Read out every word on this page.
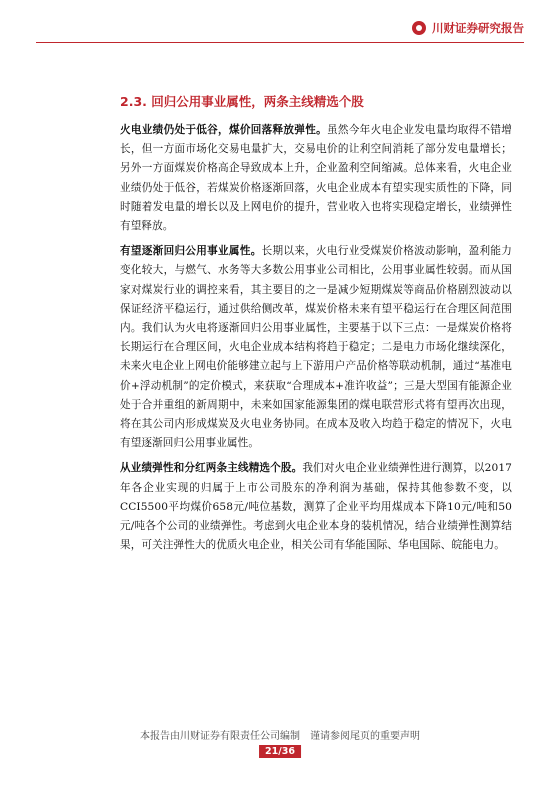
川财证券研究报告
2.3. 回归公用事业属性，两条主线精选个股

火电业绩仍处于低谷，煤价回落释放弹性。虽然今年火电企业发电量均取得不错增长，但一方面市场化交易电量扩大，交易电价的让利空间消耗了部分发电量增长；另外一方面煤炭价格高企导致成本上升，企业盈利空间缩减。总体来看，火电企业业绩仍处于低谷，若煤炭价格逐渐回落，火电企业成本有望实现实质性的下降，同时随着发电量的增长以及上网电价的提升，营业收入也将实现稳定增长，业绩弹性有望释放。

有望逐渐回归公用事业属性。长期以来，火电行业受煤炭价格波动影响，盈利能力变化较大，与燃气、水务等大多数公用事业公司相比，公用事业属性较弱。而从国家对煤炭行业的调控来看，其主要目的之一是减少短期煤炭等商品价格剧烈波动以保证经济平稳运行，通过供给侧改革，煤炭价格未来有望平稳运行在合理区间范围内。我们认为火电将逐渐回归公用事业属性，主要基于以下三点：一是煤炭价格将长期运行在合理区间，火电企业成本结构将趋于稳定；二是电力市场化继续深化，未来火电企业上网电价能够建立起与上下游用户产品价格等联动机制，通过“基准电价+浮动机制”的定价模式，来获取“合理成本+准许收益”；三是大型国有能源企业处于合并重组的新周期中，未来如国家能源集团的煤电联营形式将有望再次出现，将在其公司内形成煤炭及火电业务协同。在成本及收入均趋于稳定的情况下，火电有望逐渐回归公用事业属性。

从业绩弹性和分红两条主线精选个股。我们对火电企业业绩弹性进行测算，以2017年各企业实现的归属于上市公司股东的净利润为基础，保持其他参数不变，以CCI5500平均煤价658元/吨位基数，测算了企业平均用煤成本下降10元/吨和50元/吨各个公司的业绩弹性。考虑到火电企业本身的装机情况，结合业绩弹性测算结果，可关注弹性大的优质火电企业，相关公司有华能国际、华电国际、皖能电力。

本报告由川财证券有限责任公司编制　谨请参阅尾页的重要声明
21/36
